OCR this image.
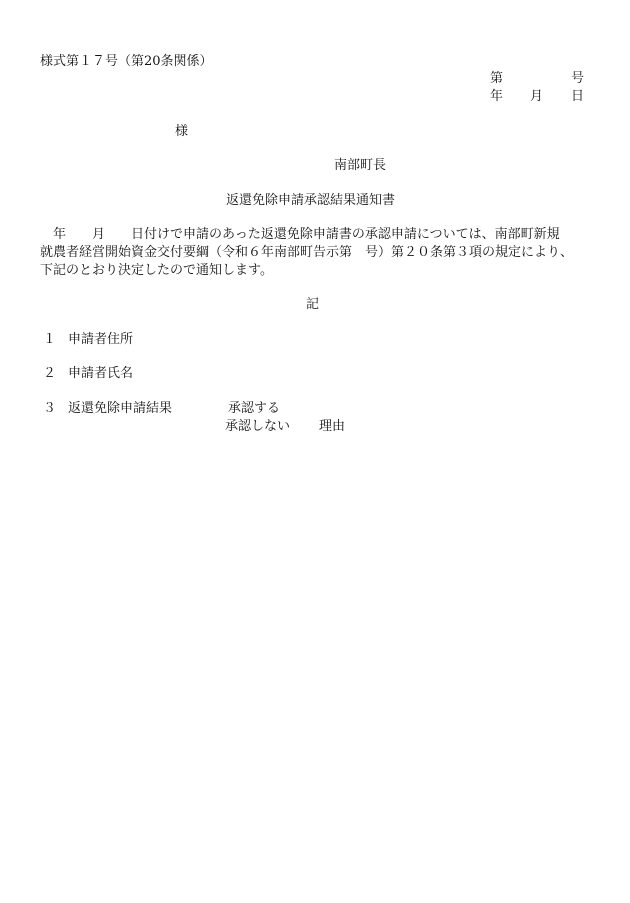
様式第１７号（第20条関係）
第	号
年 月 日
様
南部町長
返還免除申請承認結果通知書
　年　　月　　日付けで申請のあった返還免除申請書の承認申請については、南部町新規
就農者経営開始資金交付要綱（令和６年南部町告示第　号）第２０条第３項の規定により、
下記のとおり決定したので通知します。
記
１ 申請者住所
２ 申請者氏名
３ 返還免除申請結果	承認する
承認しない 理由
